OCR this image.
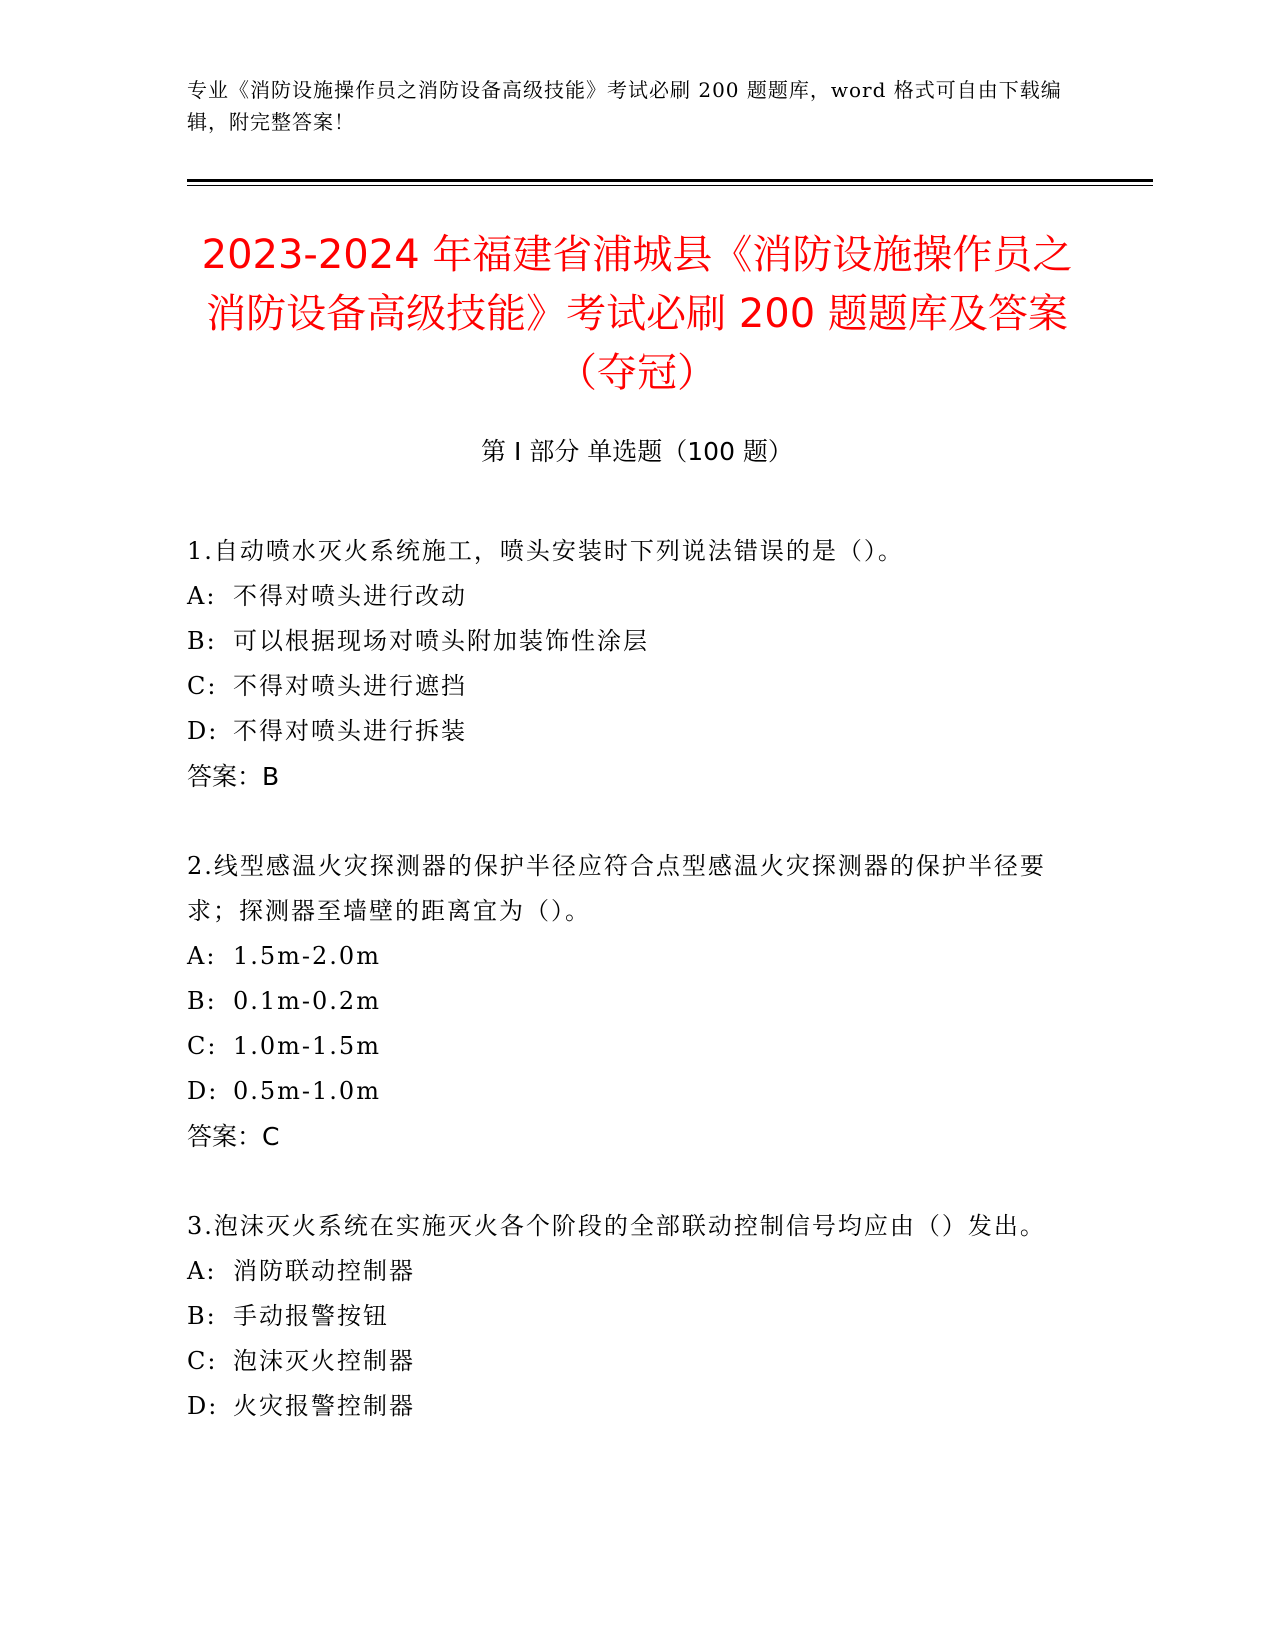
专业《消防设施操作员之消防设备高级技能》考试必刷 200 题题库，word 格式可自由下载编辑，附完整答案！
2023-2024 年福建省浦城县《消防设施操作员之消防设备高级技能》考试必刷 200 题题库及答案（夺冠）
第 I 部分 单选题（100 题）
1.自动喷水灭火系统施工，喷头安装时下列说法错误的是（）。
A: 不得对喷头进行改动
B: 可以根据现场对喷头附加装饰性涂层
C: 不得对喷头进行遮挡
D: 不得对喷头进行拆装
答案：B
2.线型感温火灾探测器的保护半径应符合点型感温火灾探测器的保护半径要求；探测器至墙壁的距离宜为（）。
A: 1.5m-2.0m
B: 0.1m-0.2m
C: 1.0m-1.5m
D: 0.5m-1.0m
答案：C
3.泡沫灭火系统在实施灭火各个阶段的全部联动控制信号均应由（）发出。
A: 消防联动控制器
B: 手动报警按钮
C: 泡沫灭火控制器
D: 火灾报警控制器
